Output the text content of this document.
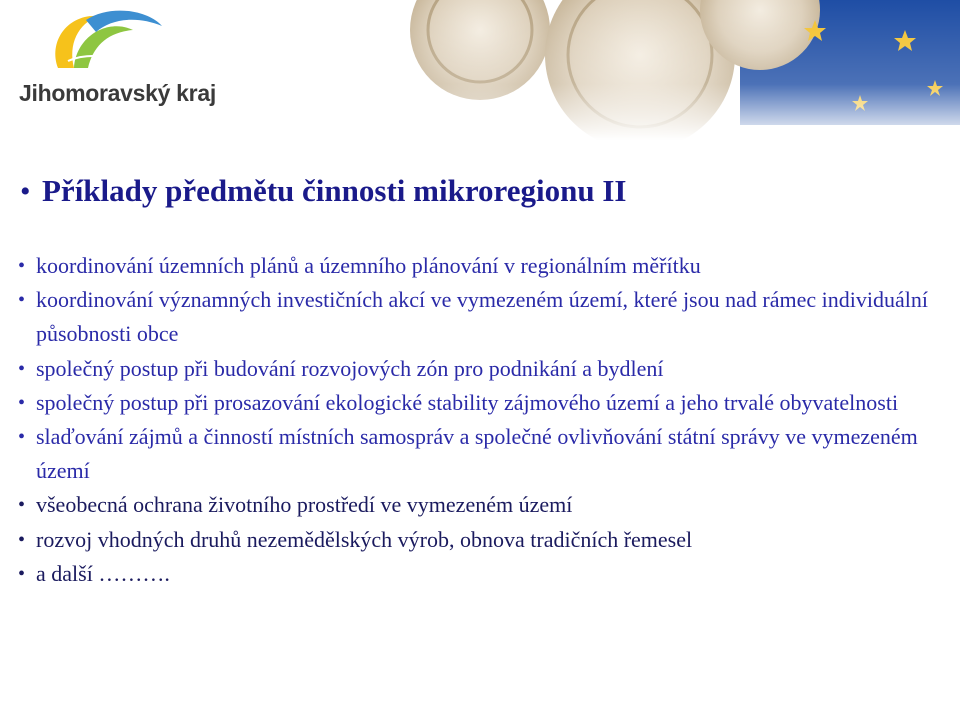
Jihomoravský kraj
• Příklady předmětu činnosti mikroregionu II
• koordinování územních plánů a územního plánování v regionálním měřítku
• koordinování významných investičních akcí ve vymezeném území, které jsou nad rámec individuální působnosti obce
• společný postup při budování rozvojových zón pro podnikání a bydlení
• společný postup při prosazování ekologické stability zájmového území a jeho trvalé obyvatelnosti
• slaďování zájmů a činností místních samospráv a společné ovlivňování státní správy ve vymezeném území
• všeobecná ochrana životního prostředí ve vymezeném území
• rozvoj vhodných druhů nezemědělských výrob, obnova tradičních řemesel
• a další ……….
